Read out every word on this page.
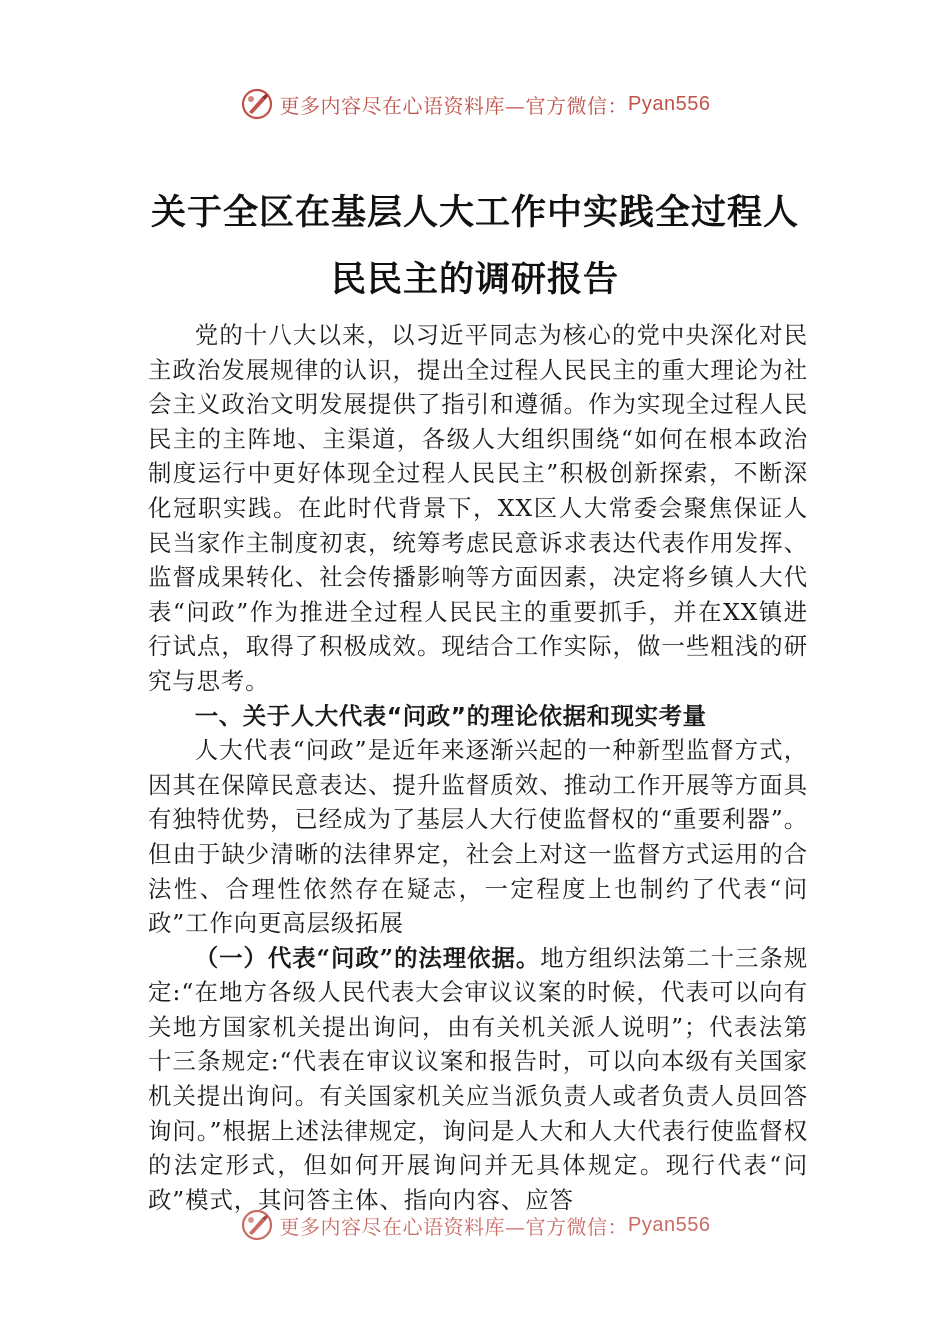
更多内容尽在心语资料库—官方微信： Pyan556
关于全区在基层人大工作中实践全过程人
民民主的调研报告

党的十八大以来，以习近平同志为核心的党中央深化对民主政治发展规律的认识，提出全过程人民民主的重大理论为社会主义政治文明发展提供了指引和遵循。作为实现全过程人民民主的主阵地、主渠道，各级人大组织围绕“如何在根本政治制度运行中更好体现全过程人民民主”积极创新探索，不断深化冠职实践。在此时代背景下，XX区人大常委会聚焦保证人民当家作主制度初衷，统筹考虑民意诉求表达代表作用发挥、监督成果转化、社会传播影响等方面因素，决定将乡镇人大代表“问政”作为推进全过程人民民主的重要抓手，并在XX镇进行试点，取得了积极成效。现结合工作实际，做一些粗浅的研究与思考。

一、关于人大代表“问政”的理论依据和现实考量

人大代表“问政”是近年来逐渐兴起的一种新型监督方式，因其在保障民意表达、提升监督质效、推动工作开展等方面具有独特优势，已经成为了基层人大行使监督权的“重要利器”。但由于缺少清晰的法律界定，社会上对这一监督方式运用的合法性、合理性依然存在疑志，一定程度上也制约了代表“问政”工作向更高层级拓展

（一）代表“问政”的法理依据。地方组织法第二十三条规定:“在地方各级人民代表大会审议议案的时候，代表可以向有关地方国家机关提出询问，由有关机关派人说明”；代表法第十三条规定:“代表在审议议案和报告时，可以向本级有关国家机关提出询问。有关国家机关应当派负责人或者负责人员回答询问。”根据上述法律规定，询问是人大和人大代表行使监督权的法定形式，但如何开展询问并无具体规定。现行代表“问政”模式，其问答主体、指向内容、应答

更多内容尽在心语资料库—官方微信： Pyan556
